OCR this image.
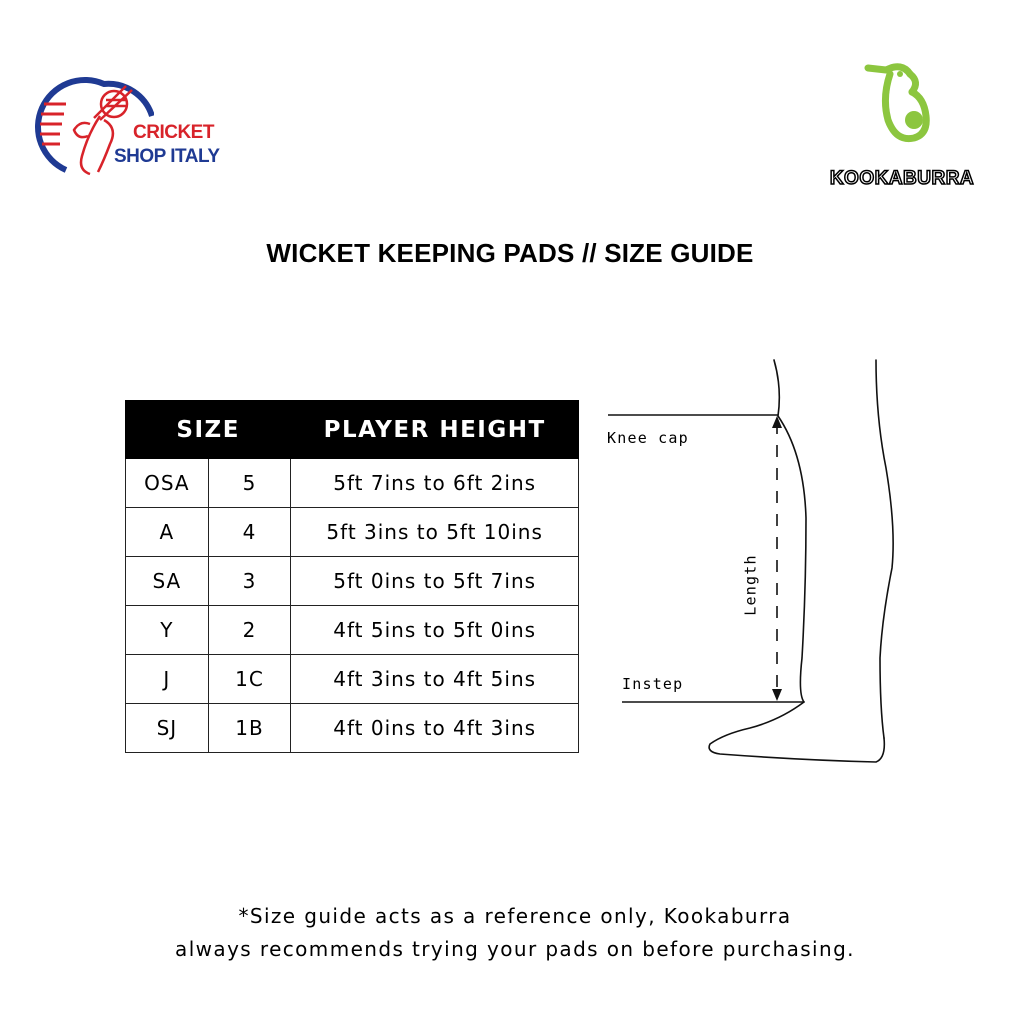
CRICKET
SHOP ITALY
KOOKABURRA
WICKET KEEPING PADS // SIZE GUIDE
SIZE		PLAYER HEIGHT
OSA	5	5ft 7ins to 6ft 2ins
A	4	5ft 3ins to 5ft 10ins
SA	3	5ft 0ins to 5ft 7ins
Y	2	4ft 5ins to 5ft 0ins
J	1C	4ft 3ins to 4ft 5ins
SJ	1B	4ft 0ins to 4ft 3ins
Knee cap
Instep
Length
*Size guide acts as a reference only, Kookaburra
always recommends trying your pads on before purchasing.
